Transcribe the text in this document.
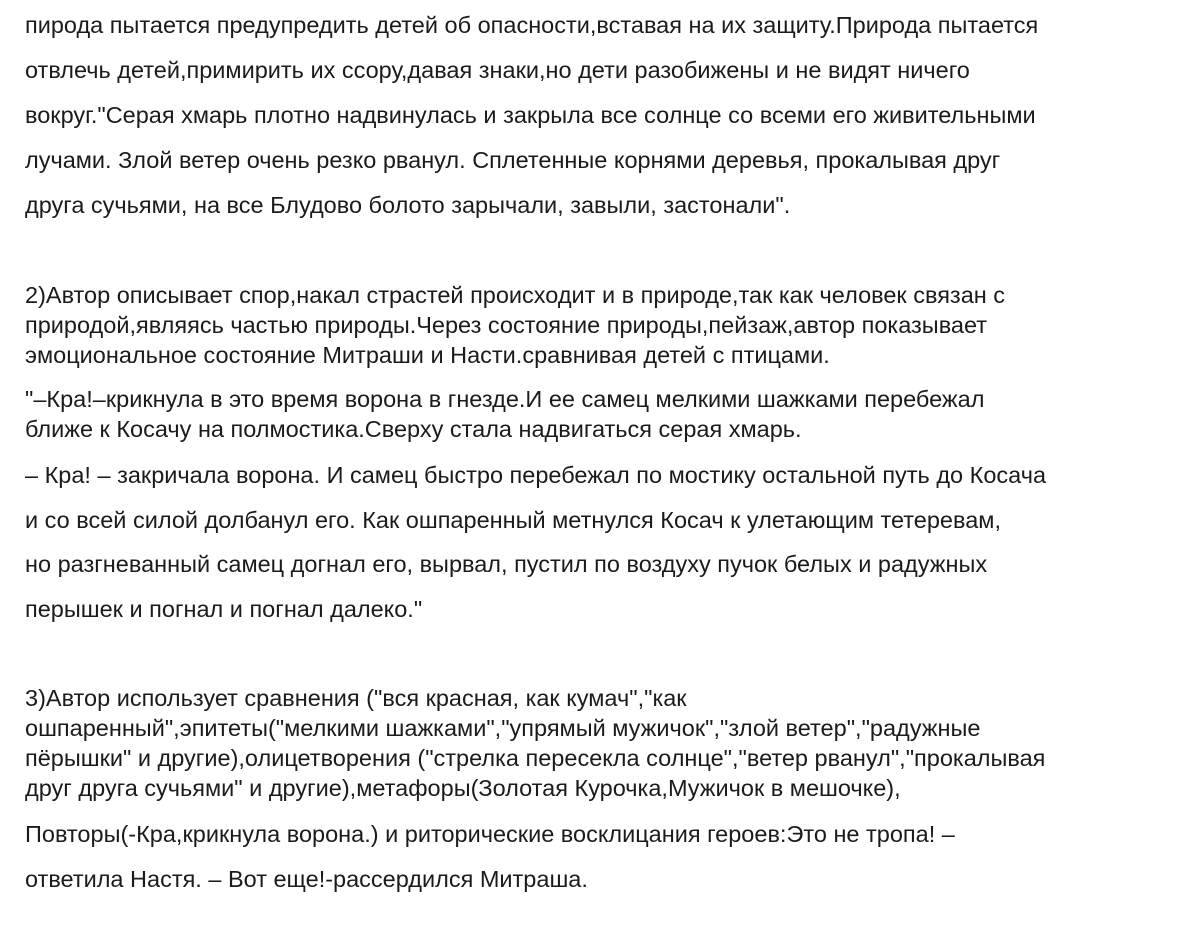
пирода пытается предупредить детей об опасности,вставая на их защиту.Природа пытается
отвлечь детей,примирить их ссору,давая знаки,но дети разобижены и не видят ничего
вокруг."Серая хмарь плотно надвинулась и закрыла все солнце со всеми его живительными
лучами. Злой ветер очень резко рванул. Сплетенные корнями деревья, прокалывая друг
друга сучьями, на все Блудово болото зарычали, завыли, застонали".
2)Автор описывает спор,накал страстей происходит и в природе,так как человек связан с
природой,являясь частью природы.Через состояние природы,пейзаж,автор показывает
эмоциональное состояние Митраши и Насти.сравнивая детей с птицами.
"–Кра!–крикнула в это время ворона в гнезде.И ее самец мелкими шажками перебежал
ближе к Косачу на полмостика.Сверху стала надвигаться серая хмарь.
– Кра! – закричала ворона. И самец быстро перебежал по мостику остальной путь до Косача
и со всей силой долбанул его. Как ошпаренный метнулся Косач к улетающим тетеревам,
но разгневанный самец догнал его, вырвал, пустил по воздуху пучок белых и радужных
перышек и погнал и погнал далеко."
3)Автор использует сравнения ("вся красная, как кумач","как
ошпаренный",эпитеты("мелкими шажками","упрямый мужичок","злой ветер","радужные
пёрышки" и другие),олицетворения ("стрелка пересекла солнце","ветер рванул","прокалывая
друг друга сучьями" и другие),метафоры(Золотая Курочка,Мужичок в мешочке),
Повторы(-Кра,крикнула ворона.) и риторические восклицания героев:Это не тропа! –
ответила Настя. – Вот еще!-рассердился Митраша.
